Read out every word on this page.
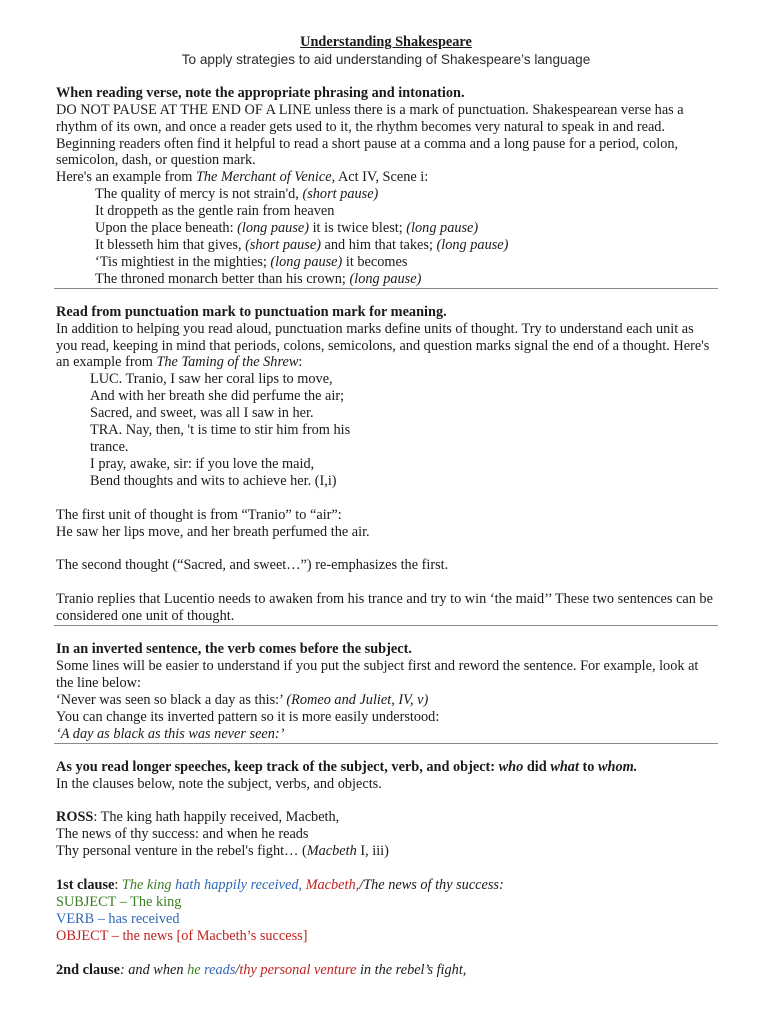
Understanding Shakespeare
To apply strategies to aid understanding of Shakespeare’s language
When reading verse, note the appropriate phrasing and intonation.

DO NOT PAUSE AT THE END OF A LINE unless there is a mark of punctuation. Shakespearean verse has a rhythm of its own, and once a reader gets used to it, the rhythm becomes very natural to speak in and read. Beginning readers often find it helpful to read a short pause at a comma and a long pause for a period, colon, semicolon, dash, or question mark.

Here's an example from The Merchant of Venice, Act IV, Scene i:

The quality of mercy is not strain'd, (short pause)
It droppeth as the gentle rain from heaven
Upon the place beneath: (long pause) it is twice blest; (long pause)
It blesseth him that gives, (short pause) and him that takes; (long pause)
‘Tis mightiest in the mighties; (long pause) it becomes
The throned monarch better than his crown; (long pause)
Read from punctuation mark to punctuation mark for meaning.

In addition to helping you read aloud, punctuation marks define units of thought. Try to understand each unit as you read, keeping in mind that periods, colons, semicolons, and question marks signal the end of a thought. Here's an example from The Taming of the Shrew:

LUC. Tranio, I saw her coral lips to move,
And with her breath she did perfume the air;
Sacred, and sweet, was all I saw in her.
TRA. Nay, then, 't is time to stir him from his
trance.
I pray, awake, sir: if you love the maid,
Bend thoughts and wits to achieve her. (I,i)
The first unit of thought is from “Tranio” to “air”:
He saw her lips move, and her breath perfumed the air.
The second thought (“Sacred, and sweet…”) re-emphasizes the first.
Tranio replies that Lucentio needs to awaken from his trance and try to win ‘the maid’’ These two sentences can be considered one unit of thought.
In an inverted sentence, the verb comes before the subject.
Some lines will be easier to understand if you put the subject first and reword the sentence. For example, look at the line below:
‘Never was seen so black a day as this:’ (Romeo and Juliet, IV, v)
You can change its inverted pattern so it is more easily understood:
‘A day as black as this was never seen:’
As you read longer speeches, keep track of the subject, verb, and object: who did what to whom.
In the clauses below, note the subject, verbs, and objects.
ROSS: The king hath happily received, Macbeth,
The news of thy success: and when he reads
Thy personal venture in the rebel's fight… (Macbeth I, iii)
1st clause: The king hath happily received, Macbeth,/The news of thy success:
SUBJECT – The king
VERB – has received
OBJECT – the news [of Macbeth’s success]
2nd clause: and when he reads/thy personal venture in the rebel’s fight,
